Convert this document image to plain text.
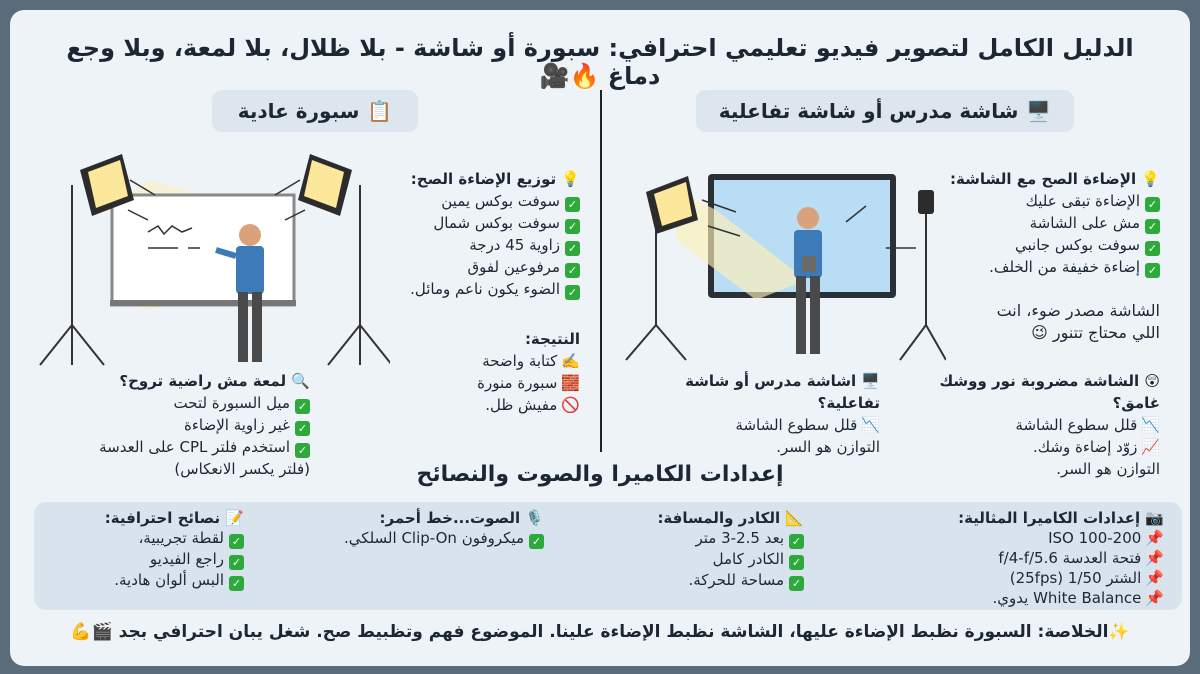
الدليل الكامل لتصوير فيديو تعليمي احترافي: سبورة أو شاشة - بلا ظلال، بلا لمعة، وبلا وجع دماغ 🔥🎥
📋
سبورة عادية	🖥️
شاشة مدرس أو شاشة تفاعلية
💡 توزيع الإضاءة الصح:
✓سوفت بوكس يمين
✓سوفت بوكس شمال
✓زاوية 45 درجة
✓مرفوعين لفوق
✓الضوء يكون ناعم ومائل.
النتيجة:
✍️كتابة واضحة
🧱سبورة منورة
🚫مفيش ظل.
🔍 لمعة مش راضية تروح؟
✓ميل السبورة لتحت
✓غير زاوية الإضاءة
✓استخدم فلتر CPL على العدسة
(فلتر يكسر الانعكاس)
💡 الإضاءة الصح مع الشاشة:
✓الإضاءة تبقى عليك
✓مش على الشاشة
✓سوفت بوكس جانبي
✓إضاءة خفيفة من الخلف.
الشاشة مصدر ضوء، انت
اللي محتاج تتنور 😉
😲 الشاشة مضروبة نور ووشك غامق؟
📉قلل سطوع الشاشة
📈زوّد إضاءة وشك.
التوازن هو السر.
🖥️ اشاشة مدرس أو شاشة تفاعلية؟
📉قلل سطوع الشاشة
التوازن هو السر.
إعدادات الكاميرا والصوت والنصائح
📷 إعدادات الكاميرا المثالية:
📌ISO 100-200
📌فتحة العدسة f/4-f/5.6
📌الشتر 1/50 (25fps)
📌White Balance يدوي.
📐 الكادر والمسافة:
✓بعد 2.5-3 متر
✓الكادر كامل
✓مساحة للحركة.
🎙️ الصوت...خط أحمر:
✓ميكروفون Clip-On السلكي.
📝 نصائح احترافية:
✓لقطة تجريبية،
✓راجع الفيديو
✓البس ألوان هادية.
✨الخلاصة: السبورة نظبط الإضاءة عليها، الشاشة نظبط الإضاءة علينا. الموضوع فهم وتظبيط صح. شغل يبان احترافي بجد 🎬💪
